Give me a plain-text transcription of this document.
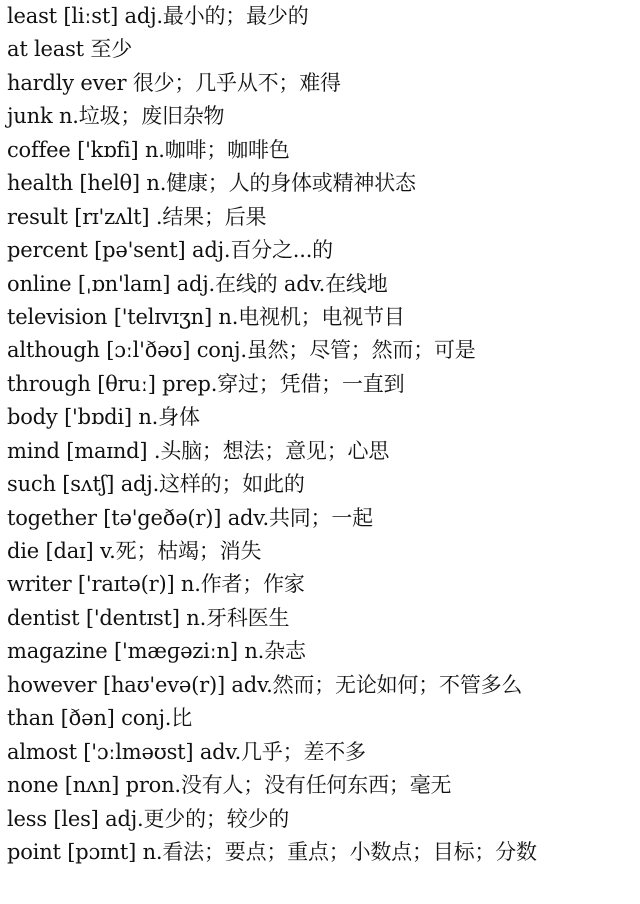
least [liːst] adj.最小的；最少的
at least 至少
hardly ever 很少；几乎从不；难得
junk n.垃圾；废旧杂物
coffee ['kɒfi] n.咖啡；咖啡色
health [helθ] n.健康；人的身体或精神状态
result [rɪ'zʌlt] .结果；后果
percent [pə'sent] adj.百分之...的
online [ˌɒn'laɪn] adj.在线的 adv.在线地
television ['telɪvɪʒn] n.电视机；电视节目
although [ɔːl'ðəʊ] conj.虽然；尽管；然而；可是
through [θruː] prep.穿过；凭借；一直到
body ['bɒdi] n.身体
mind [maɪnd] .头脑；想法；意见；心思
such [sʌtʃ] adj.这样的；如此的
together [tə'geðə(r)] adv.共同；一起
die [daɪ] v.死；枯竭；消失
writer ['raɪtə(r)] n.作者；作家
dentist ['dentɪst] n.牙科医生
magazine ['mæɡəziːn] n.杂志
however [haʊ'evə(r)] adv.然而；无论如何；不管多么
than [ðən] conj.比
almost ['ɔːlməʊst] adv.几乎；差不多
none [nʌn] pron.没有人；没有任何东西；毫无
less [les] adj.更少的；较少的
point [pɔɪnt] n.看法；要点；重点；小数点；目标；分数
